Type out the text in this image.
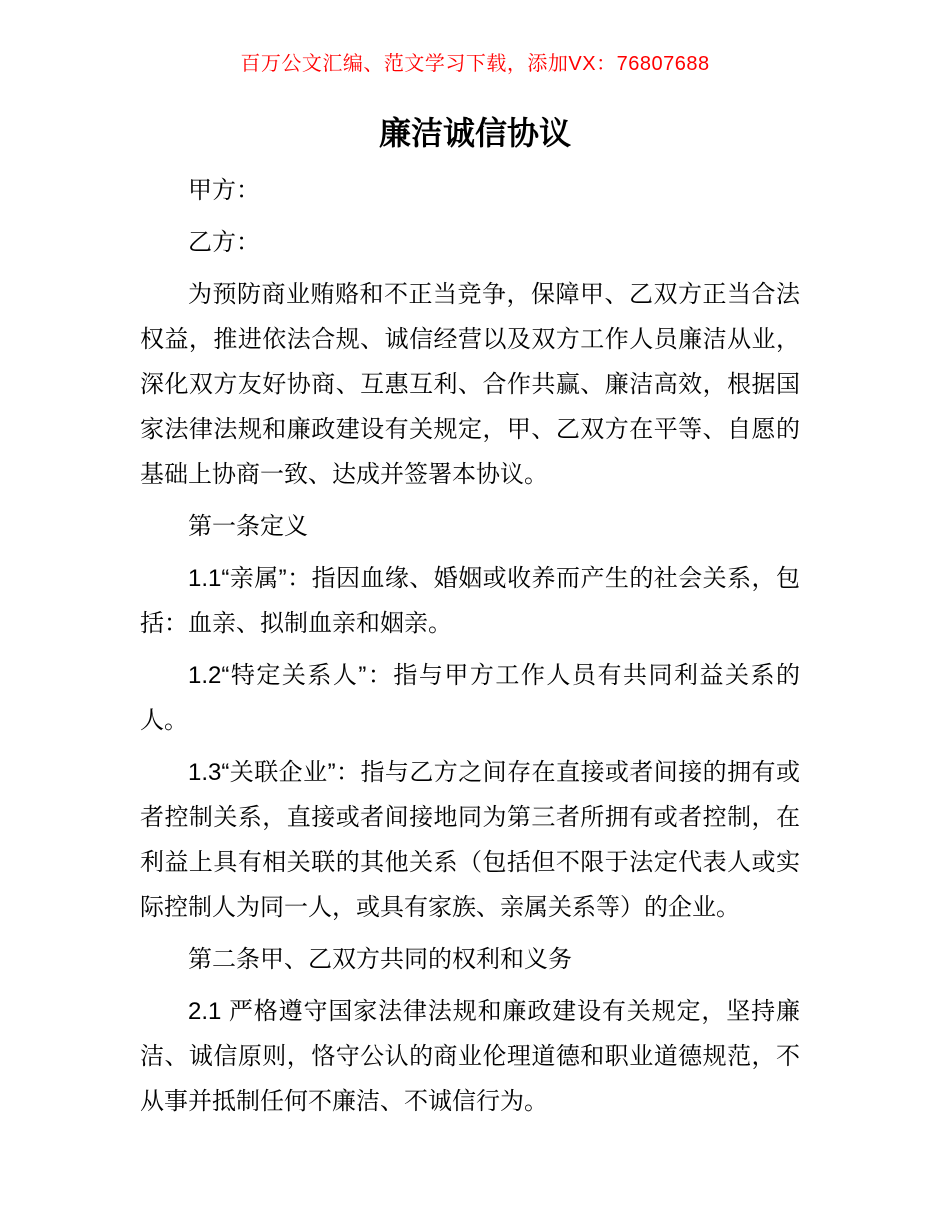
百万公文汇编、范文学习下载，添加VX：76807688
廉洁诚信协议

甲方：

乙方：

为预防商业贿赂和不正当竞争，保障甲、乙双方正当合法权益，推进依法合规、诚信经营以及双方工作人员廉洁从业，深化双方友好协商、互惠互利、合作共赢、廉洁高效，根据国家法律法规和廉政建设有关规定，甲、乙双方在平等、自愿的基础上协商一致、达成并签署本协议。

第一条定义

1.1“亲属”：指因血缘、婚姻或收养而产生的社会关系，包括：血亲、拟制血亲和姻亲。

1.2“特定关系人”：指与甲方工作人员有共同利益关系的人。

1.3“关联企业”：指与乙方之间存在直接或者间接的拥有或者控制关系，直接或者间接地同为第三者所拥有或者控制，在利益上具有相关联的其他关系（包括但不限于法定代表人或实际控制人为同一人，或具有家族、亲属关系等）的企业。

第二条甲、乙双方共同的权利和义务

2.1 严格遵守国家法律法规和廉政建设有关规定，坚持廉洁、诚信原则，恪守公认的商业伦理道德和职业道德规范，不从事并抵制任何不廉洁、不诚信行为。
